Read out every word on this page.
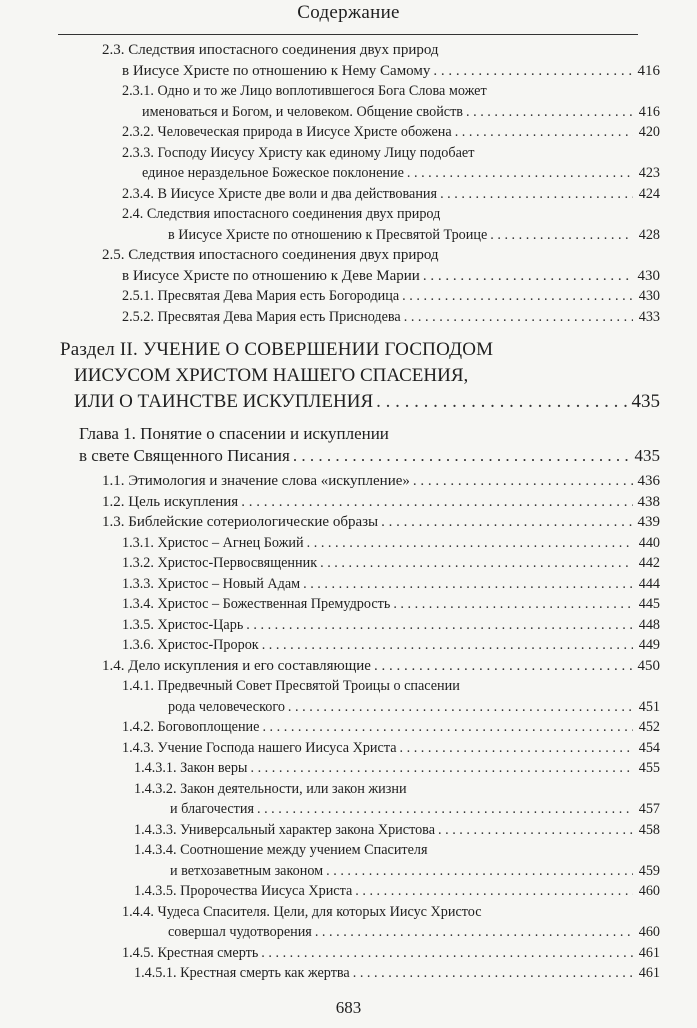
Содержание
2.3. Следствия ипостасного соединения двух природ
в Иисусе Христе по отношению к Нему Самому . . .	416
2.3.1. Одно и то же Лицо воплотившегося Бога Слова может
именоваться и Богом, и человеком. Общение свойств . . .	416
2.3.2. Человеческая природа в Иисусе Христе обожена . . .	420
2.3.3. Господу Иисусу Христу как единому Лицу подобает
единое нераздельное Божеское поклонение . . .	423
2.3.4. В Иисусе Христе две воли и два действования . . .	424
2.4. Следствия ипостасного соединения двух природ
в Иисусе Христе по отношению к Пресвятой Троице . . .	428
2.5. Следствия ипостасного соединения двух природ
в Иисусе Христе по отношению к Деве Марии . . .	430
2.5.1. Пресвятая Дева Мария есть Богородица . . .	430
2.5.2. Пресвятая Дева Мария есть Приснодева . . .	433
Раздел II. УЧЕНИЕ О СОВЕРШЕНИИ ГОСПОДОМ
ИИСУСОМ ХРИСТОМ НАШЕГО СПАСЕНИЯ,
ИЛИ О ТАИНСТВЕ ИСКУПЛЕНИЯ . . .	435
Глава 1. Понятие о спасении и искуплении
в свете Священного Писания . . .	435
1.1. Этимология и значение слова «искупление» . . .	436
1.2. Цель искупления . . .	438
1.3. Библейские сотериологические образы . . .	439
1.3.1. Христос – Агнец Божий . . .	440
1.3.2. Христос-Первосвященник . . .	442
1.3.3. Христос – Новый Адам . . .	444
1.3.4. Христос – Божественная Премудрость . . .	445
1.3.5. Христос-Царь . . .	448
1.3.6. Христос-Пророк . . .	449
1.4. Дело искупления и его составляющие . . .	450
1.4.1. Предвечный Совет Пресвятой Троицы о спасении
рода человеческого . . .	451
1.4.2. Боговоплощение . . .	452
1.4.3. Учение Господа нашего Иисуса Христа . . .	454
1.4.3.1. Закон веры . . .	455
1.4.3.2. Закон деятельности, или закон жизни
и благочестия . . .	457
1.4.3.3. Универсальный характер закона Христова . . .	458
1.4.3.4. Соотношение между учением Спасителя
и ветхозаветным законом . . .	459
1.4.3.5. Пророчества Иисуса Христа . . .	460
1.4.4. Чудеса Спасителя. Цели, для которых Иисус Христос
совершал чудотворения . . .	460
1.4.5. Крестная смерть . . .	461
1.4.5.1. Крестная смерть как жертва . . .	461
683
